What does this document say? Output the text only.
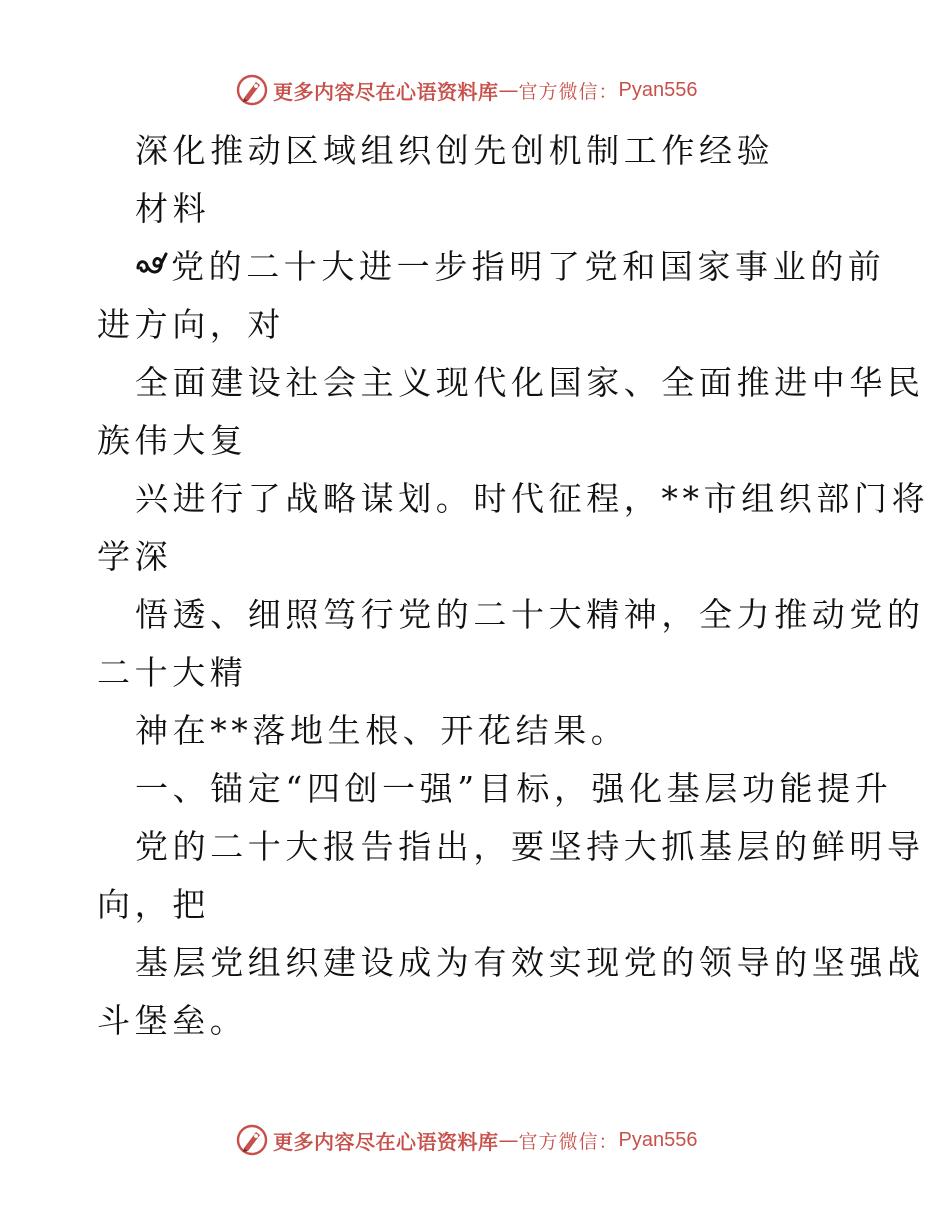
更多内容尽在心语资料库 — 官方微信： Pyan556
深化推动区域组织创先创机制工作经验
材料
党的二十大进一步指明了党和国家事业的前
进方向，对
全面建设社会主义现代化国家、全面推进中华民
族伟大复
兴进行了战略谋划。时代征程，**市组织部门将
学深
悟透、细照笃行党的二十大精神，全力推动党的
二十大精
神在**落地生根、开花结果。
一、锚定“四创一强”目标，强化基层功能提升
党的二十大报告指出，要坚持大抓基层的鲜明导
向，把
基层党组织建设成为有效实现党的领导的坚强战
斗堡垒。
更多内容尽在心语资料库 — 官方微信： Pyan556
